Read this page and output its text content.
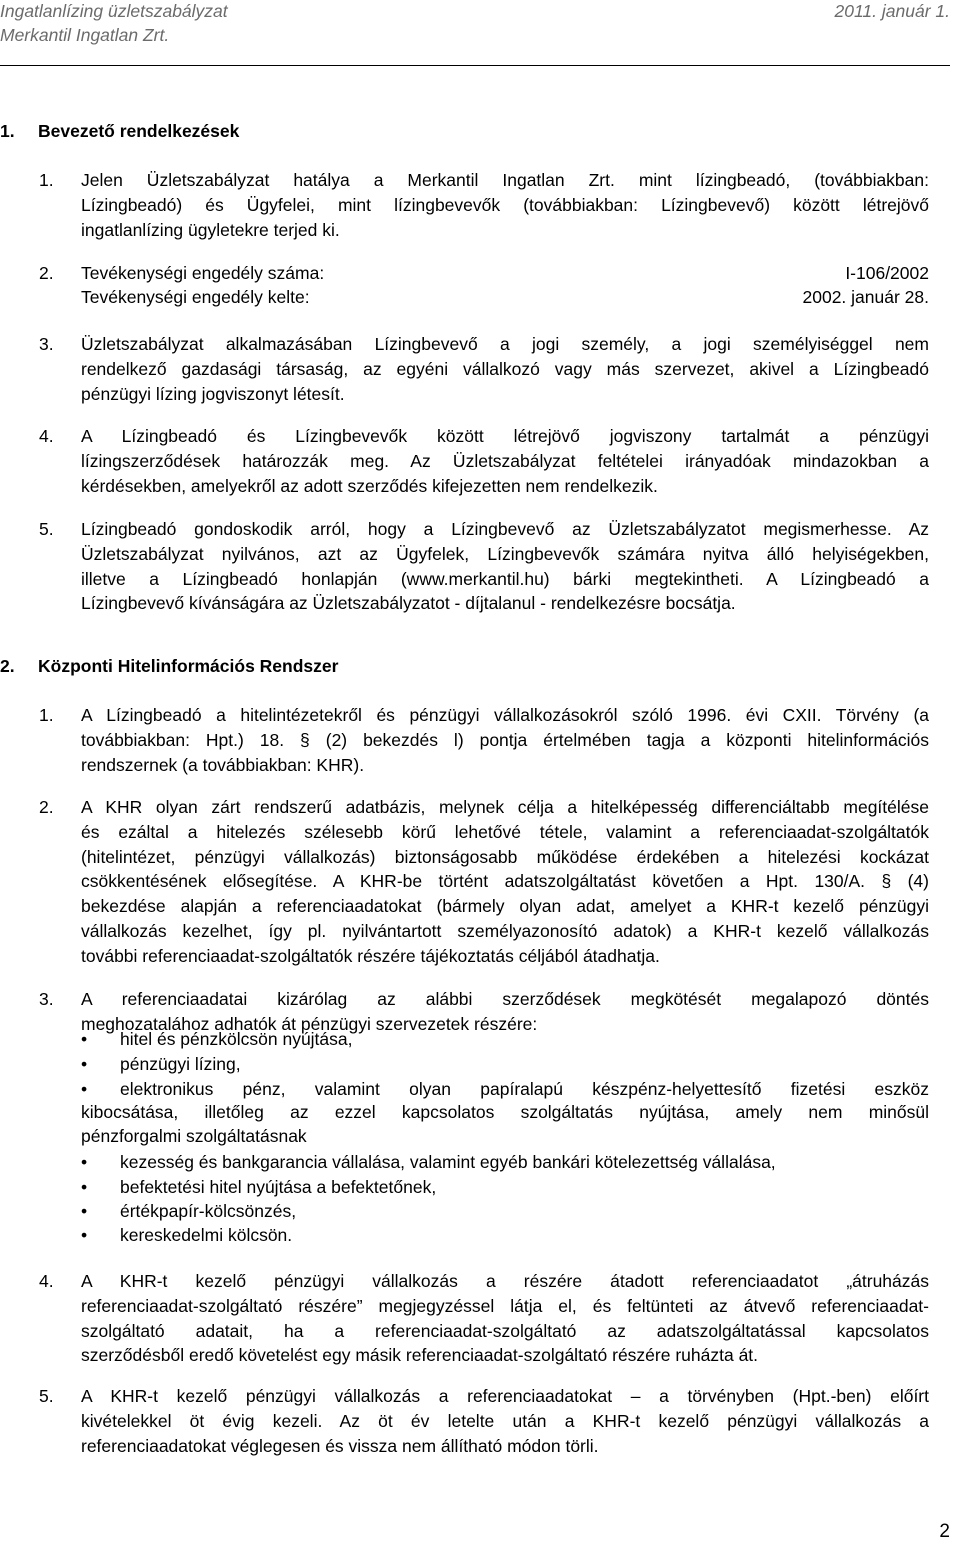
Ingatlanlízing üzletszabályzat	2011. január 1.
Merkantil Ingatlan Zrt.
1. Bevezető rendelkezések
1. Jelen Üzletszabályzat hatálya a Merkantil Ingatlan Zrt. mint lízingbeadó, (továbbiakban:

Lízingbeadó) és Ügyfelei, mint lízingbevevők (továbbiakban: Lízingbevevő) között létrejövő

ingatlanlízing ügyletekre terjed ki.

2. Tevékenységi engedély száma:	I-106/2002
Tevékenységi engedély kelte:	2002. január 28.
3. Üzletszabályzat alkalmazásában Lízingbevevő a jogi személy, a jogi személyiséggel nem

rendelkező gazdasági társaság, az egyéni vállalkozó vagy más szervezet, akivel a Lízingbeadó

pénzügyi lízing jogviszonyt létesít.

4. A Lízingbeadó és Lízingbevevők között létrejövő jogviszony tartalmát a pénzügyi

lízingszerződések határozzák meg. Az Üzletszabályzat feltételei irányadóak mindazokban a

kérdésekben, amelyekről az adott szerződés kifejezetten nem rendelkezik.

5. Lízingbeadó gondoskodik arról, hogy a Lízingbevevő az Üzletszabályzatot megismerhesse. Az

Üzletszabályzat nyilvános, azt az Ügyfelek, Lízingbevevők számára nyitva álló helyiségekben,

illetve a Lízingbeadó honlapján (www.merkantil.hu) bárki megtekintheti. A Lízingbeadó a

Lízingbevevő kívánságára az Üzletszabályzatot - díjtalanul - rendelkezésre bocsátja.

2. Központi Hitelinformációs Rendszer
1. A Lízingbeadó a hitelintézetekről és pénzügyi vállalkozásokról szóló 1996. évi CXII. Törvény (a

továbbiakban: Hpt.) 18. § (2) bekezdés l) pontja értelmében tagja a központi hitelinformációs

rendszernek (a továbbiakban: KHR).

2. A KHR olyan zárt rendszerű adatbázis, melynek célja a hitelképesség differenciáltabb megítélése

és ezáltal a hitelezés szélesebb körű lehetővé tétele, valamint a referenciaadat-szolgáltatók

(hitelintézet, pénzügyi vállalkozás) biztonságosabb működése érdekében a hitelezési kockázat

csökkentésének elősegítése. A KHR-be történt adatszolgáltatást követően a Hpt. 130/A. § (4)

bekezdése alapján a referenciaadatokat (bármely olyan adat, amelyet a KHR-t kezelő pénzügyi

vállalkozás kezelhet, így pl. nyilvántartott személyazonosító adatok) a KHR-t kezelő vállalkozás

további referenciaadat-szolgáltatók részére tájékoztatás céljából átadhatja.

3. A referenciaadatai kizárólag az alábbi szerződések megkötését megalapozó döntés

meghozatalához adhatók át pénzügyi szervezetek részére:

• hitel és pénzkölcsön nyújtása,
• pénzügyi lízing,
• elektronikus pénz, valamint olyan papíralapú készpénz-helyettesítő fizetési eszköz

kibocsátása, illetőleg az ezzel kapcsolatos szolgáltatás nyújtása, amely nem minősül

pénzforgalmi szolgáltatásnak

• kezesség és bankgarancia vállalása, valamint egyéb bankári kötelezettség vállalása,
• befektetési hitel nyújtása a befektetőnek,
• értékpapír-kölcsönzés,
• kereskedelmi kölcsön.
4. A KHR-t kezelő pénzügyi vállalkozás a részére átadott referenciaadatot „átruházás

referenciaadat-szolgáltató részére” megjegyzéssel látja el, és feltünteti az átvevő referenciaadat-

szolgáltató adatait, ha a referenciaadat-szolgáltató az adatszolgáltatással kapcsolatos

szerződésből eredő követelést egy másik referenciaadat-szolgáltató részére ruházta át.

5. A KHR-t kezelő pénzügyi vállalkozás a referenciaadatokat – a törvényben (Hpt.-ben) előírt

kivételekkel öt évig kezeli. Az öt év letelte után a KHR-t kezelő pénzügyi vállalkozás a

referenciaadatokat véglegesen és vissza nem állítható módon törli.

2
